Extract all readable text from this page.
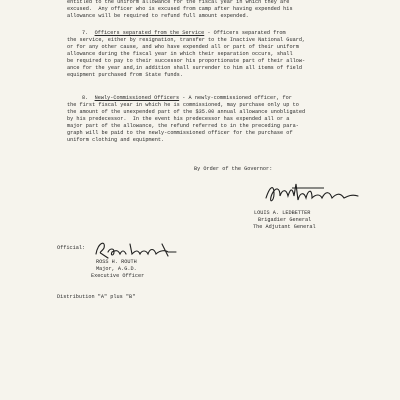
entitled to the uniform allowance for the fiscal year in which they are
excused.  Any officer who is excused from camp after having expended his
allowance will be required to refund full amount expended.
7. Officers separated from the Service - Officers separated from
the service, either by resignation, transfer to the Inactive National Guard,
or for any other cause, and who have expended all or part of their uniform
allowance during the fiscal year in which their separation occurs, shall
be required to pay to their successor his proportionate part of their allow-
ance for the year and,in addition shall surrender to him all items of field
equipment purchased from State funds.
8. Newly-Commissioned Officers - A newly-commissioned officer, for
the first fiscal year in which he is commissioned, may purchase only up to
the amount of the unexpended part of the $35.00 annual allowance unobligated
by his predecessor.  In the event his predecessor has expended all or a
major part of the allowance, the refund referred to in the preceding para-
graph will be paid to the newly-commissioned officer for the purchase of
uniform clothing and equipment.
By Order of the Governor:
LOUIS A. LEDBETTER
Brigadier General
The Adjutant General
Official:
ROSS H. ROUTH
Major, A.G.D.
Executive Officer
Distribution "A" plus "B"
